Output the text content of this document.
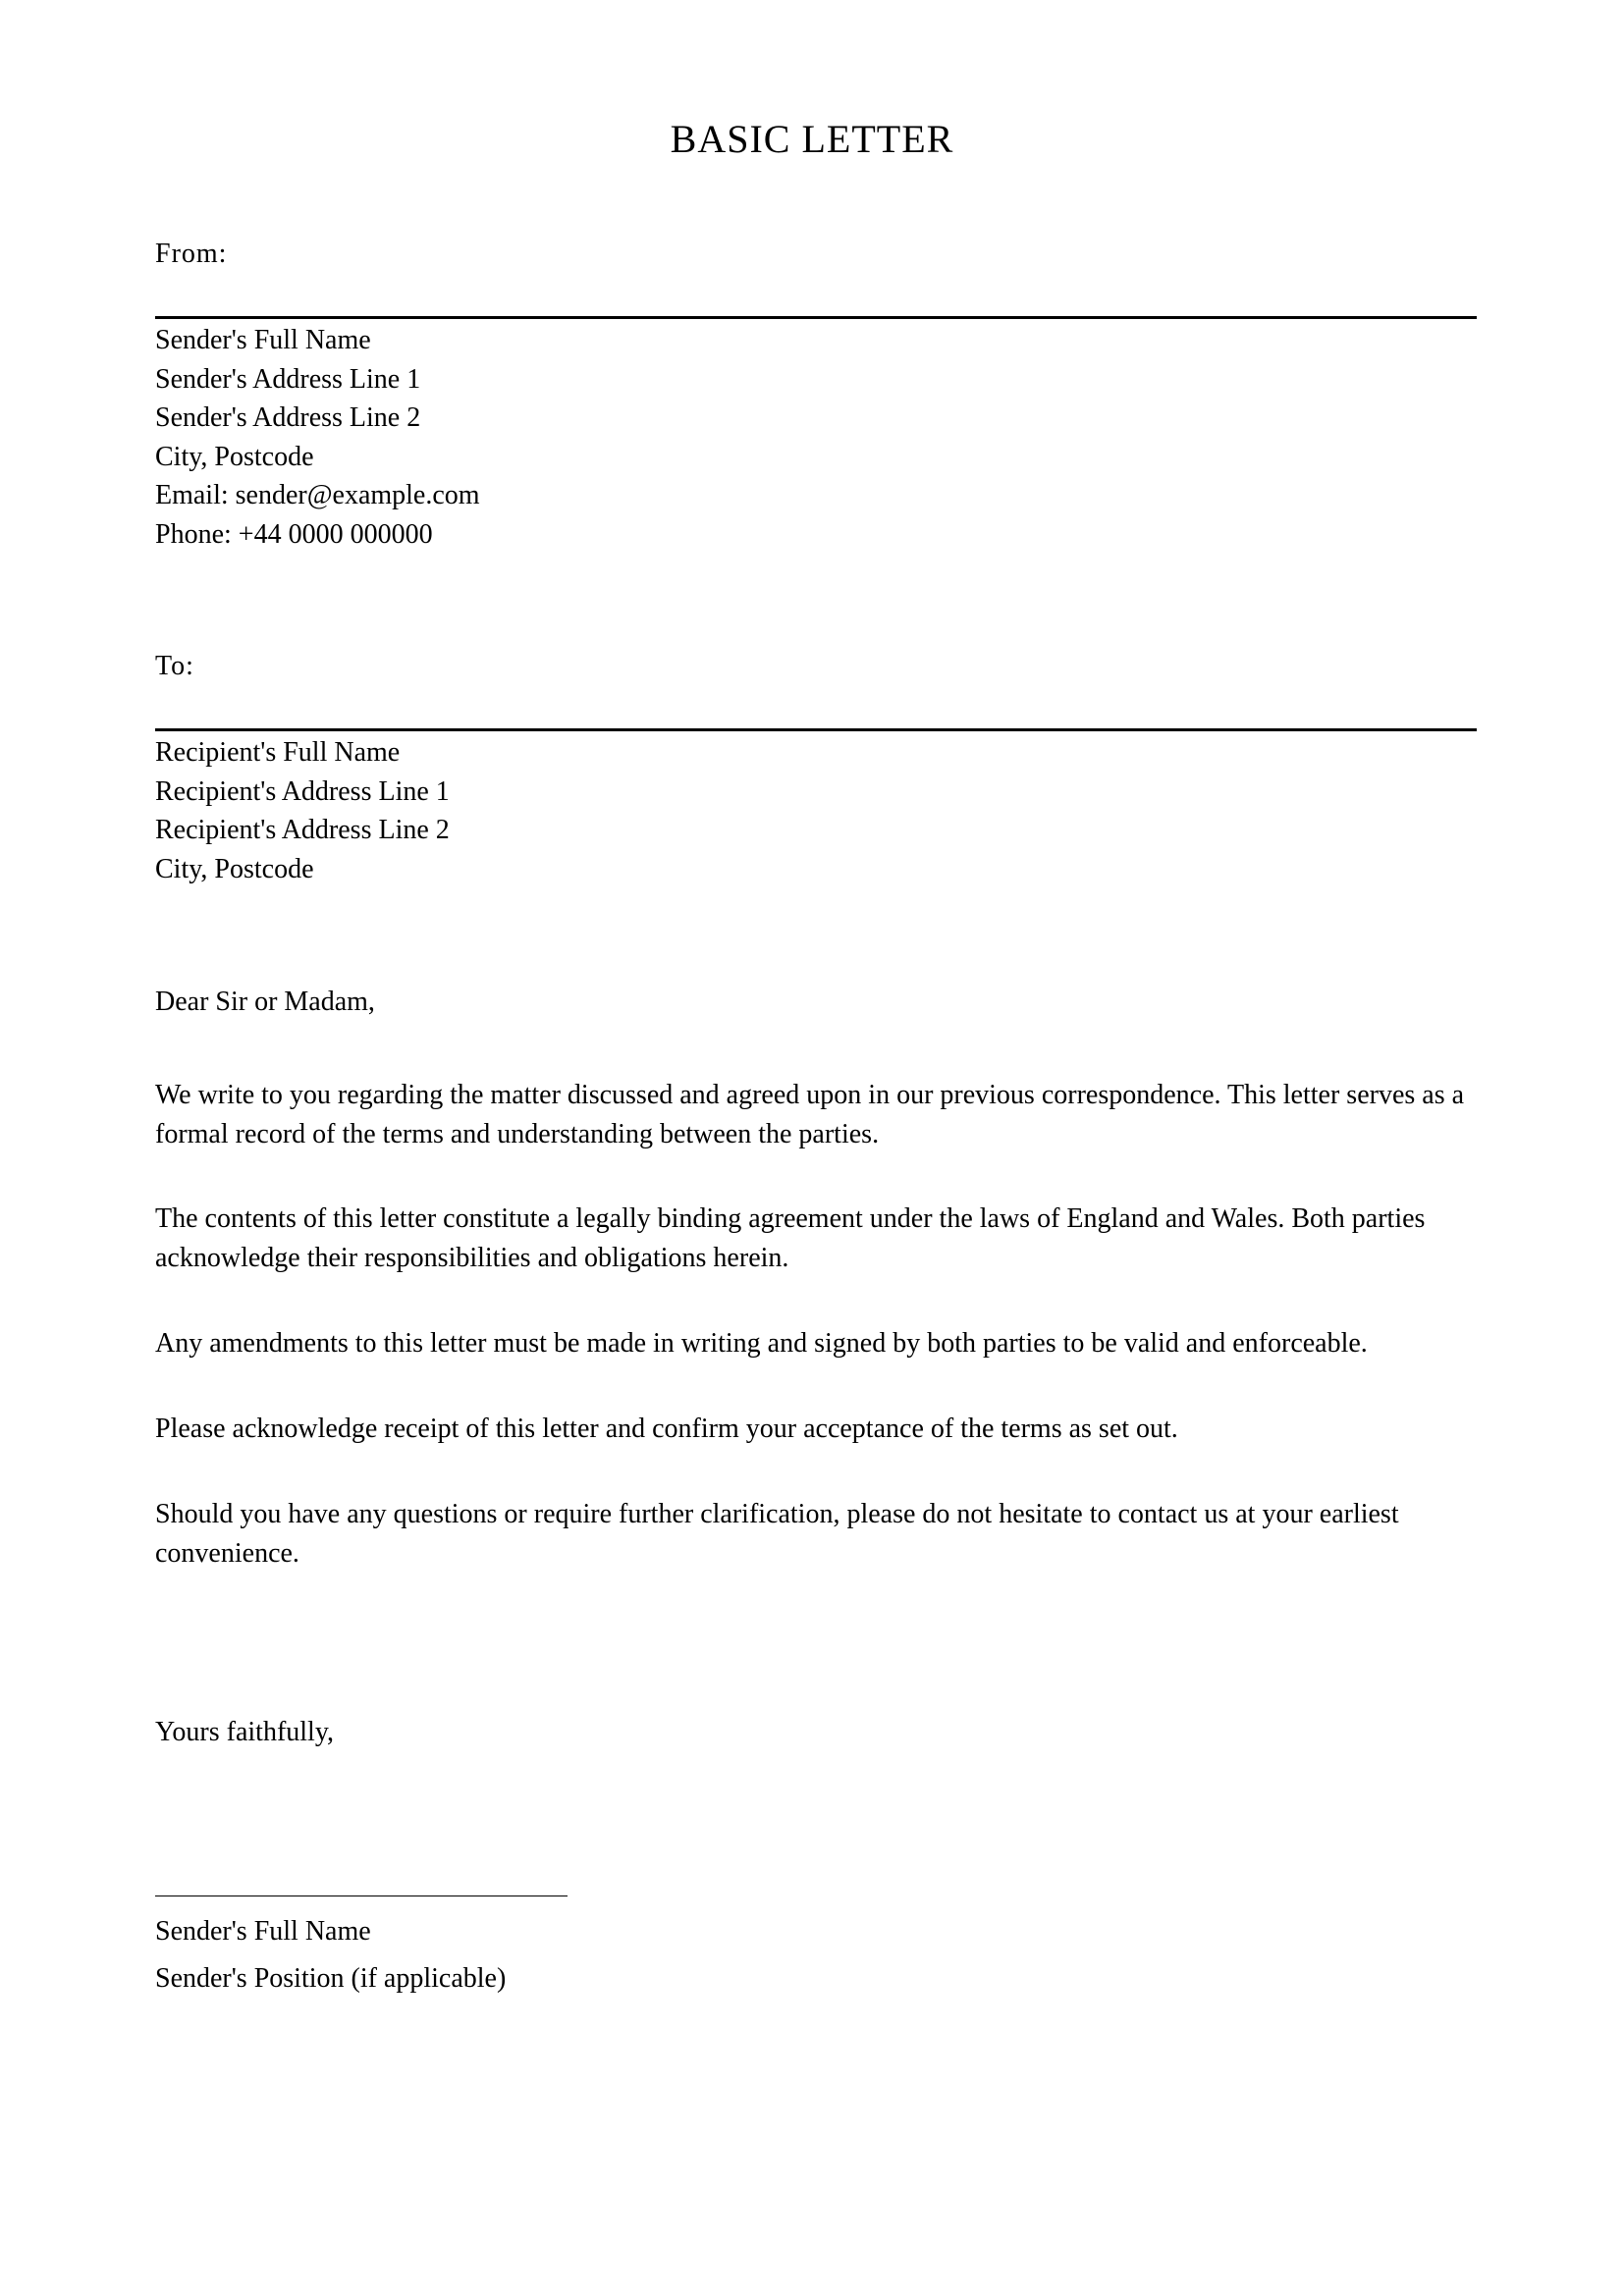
BASIC LETTER
From:
Sender's Full Name
Sender's Address Line 1
Sender's Address Line 2
City, Postcode
Email: sender@example.com
Phone: +44 0000 000000
To:
Recipient's Full Name
Recipient's Address Line 1
Recipient's Address Line 2
City, Postcode
Dear Sir or Madam,
We write to you regarding the matter discussed and agreed upon in our previous correspondence. This letter serves as a formal record of the terms and understanding between the parties.
The contents of this letter constitute a legally binding agreement under the laws of England and Wales. Both parties acknowledge their responsibilities and obligations herein.
Any amendments to this letter must be made in writing and signed by both parties to be valid and enforceable.
Please acknowledge receipt of this letter and confirm your acceptance of the terms as set out.
Should you have any questions or require further clarification, please do not hesitate to contact us at your earliest convenience.
Yours faithfully,
Sender's Full Name
Sender's Position (if applicable)
